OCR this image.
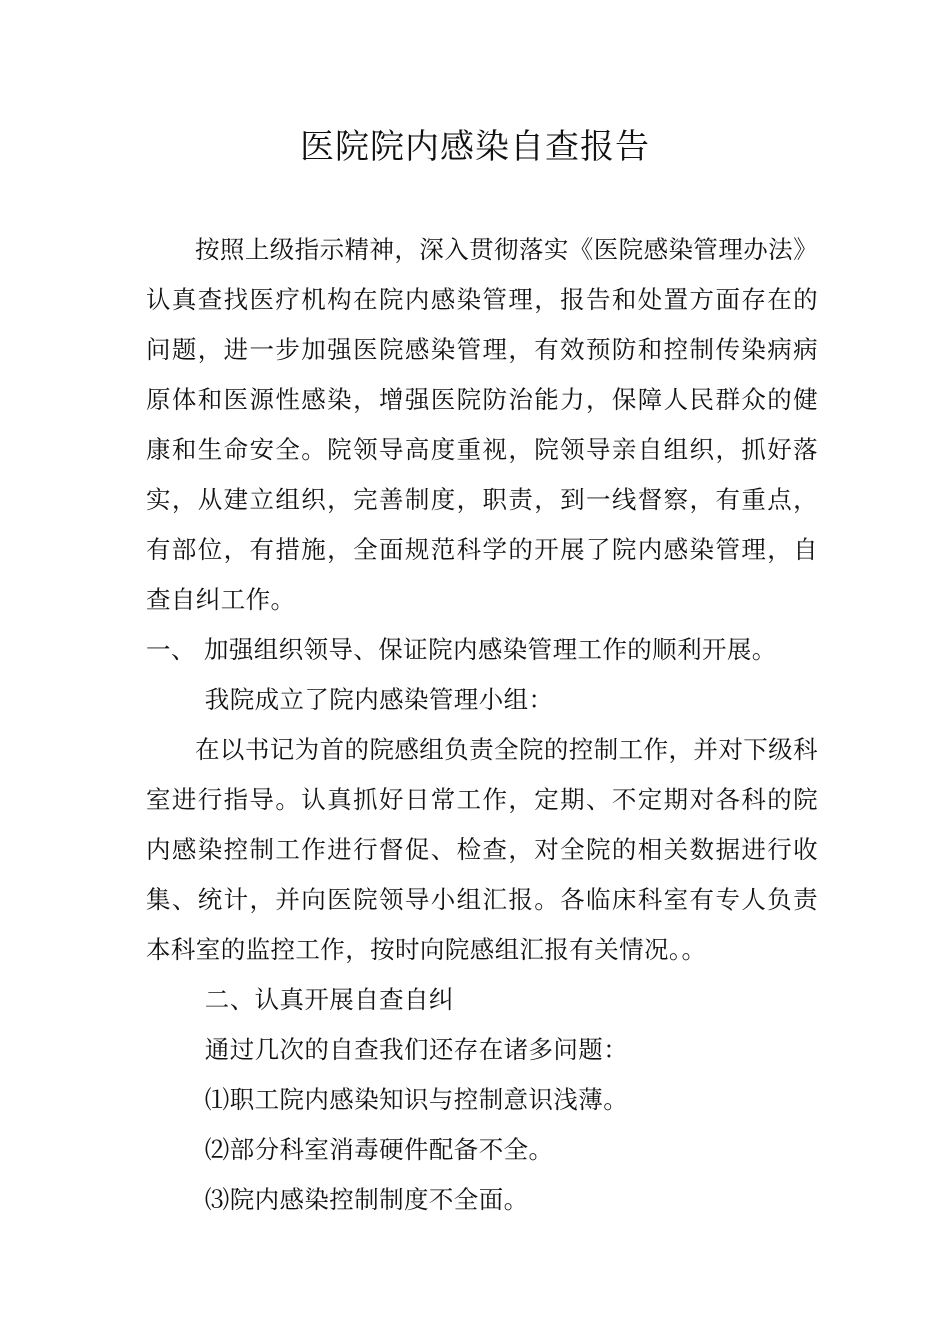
医院院内感染自查报告

按照上级指示精神，深入贯彻落实《医院感染管理办法》认真查找医疗机构在院内感染管理，报告和处置方面存在的问题，进一步加强医院感染管理，有效预防和控制传染病病原体和医源性感染，增强医院防治能力，保障人民群众的健康和生命安全。院领导高度重视，院领导亲自组织，抓好落实，从建立组织，完善制度，职责，到一线督察，有重点，有部位，有措施，全面规范科学的开展了院内感染管理，自查自纠工作。

一、 加强组织领导、保证院内感染管理工作的顺利开展。

我院成立了院内感染管理小组：

在以书记为首的院感组负责全院的控制工作，并对下级科室进行指导。认真抓好日常工作，定期、不定期对各科的院内感染控制工作进行督促、检查，对全院的相关数据进行收集、统计，并向医院领导小组汇报。各临床科室有专人负责本科室的监控工作，按时向院感组汇报有关情况。。

二、认真开展自查自纠

通过几次的自查我们还存在诸多问题：

⑴职工院内感染知识与控制意识浅薄。

⑵部分科室消毒硬件配备不全。

⑶院内感染控制制度不全面。
